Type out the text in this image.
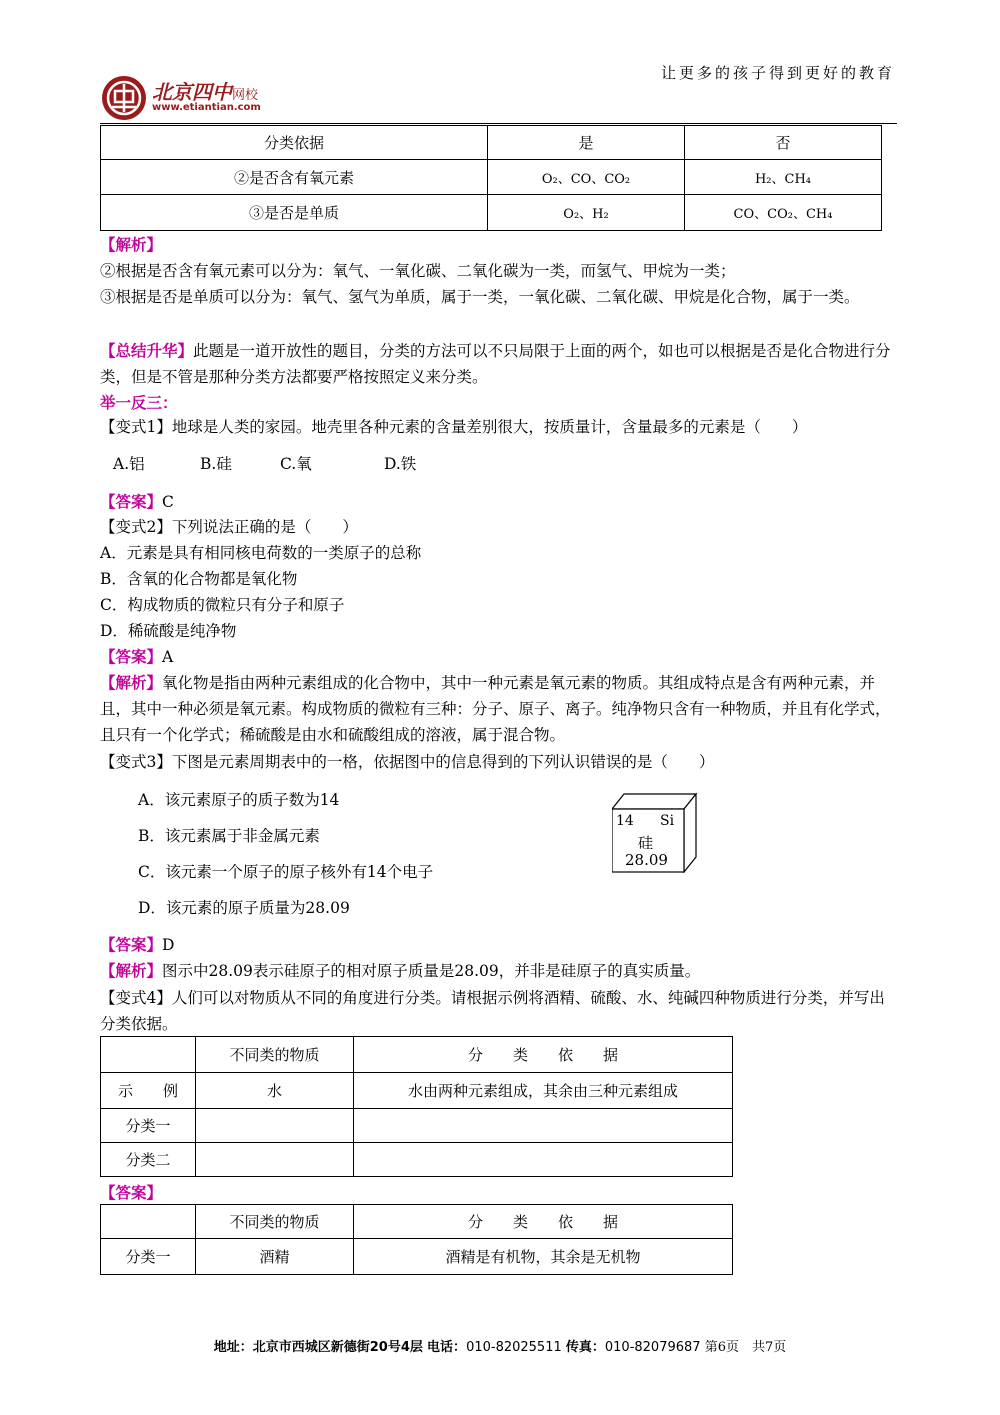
让更多的孩子得到更好的教育
北京四中网校
www.etiantian.com
分类依据	是	否
②是否含有氧元素	O₂、CO、CO₂	H₂、CH₄
③是否是单质	O₂、H₂	CO、CO₂、CH₄
【解析】
②根据是否含有氧元素可以分为：氧气、一氧化碳、二氧化碳为一类，而氢气、甲烷为一类；
③根据是否是单质可以分为：氧气、氢气为单质，属于一类，一氧化碳、二氧化碳、甲烷是化合物，属于一类。
【总结升华】此题是一道开放性的题目，分类的方法可以不只局限于上面的两个，如也可以根据是否是化合物进行分类，但是不管是那种分类方法都要严格按照定义来分类。
举一反三：
【变式1】地球是人类的家园。地壳里各种元素的含量差别很大，按质量计，含量最多的元素是（　　）
A.铝	B.硅	C.氧	D.铁
【答案】C
【变式2】下列说法正确的是（　　）
A．元素是具有相同核电荷数的一类原子的总称
B．含氧的化合物都是氧化物
C．构成物质的微粒只有分子和原子
D．稀硫酸是纯净物
【答案】A
【解析】氧化物是指由两种元素组成的化合物中，其中一种元素是氧元素的物质。其组成特点是含有两种元素，并且，其中一种必须是氧元素。构成物质的微粒有三种：分子、原子、离子。纯净物只含有一种物质，并且有化学式，且只有一个化学式；稀硫酸是由水和硫酸组成的溶液，属于混合物。
【变式3】下图是元素周期表中的一格，依据图中的信息得到的下列认识错误的是（　　）
A．该元素原子的质子数为14
B．该元素属于非金属元素
C．该元素一个原子的原子核外有14个电子
D．该元素的原子质量为28.09
14 Si
硅
28.09
【答案】D
【解析】图示中28.09表示硅原子的相对原子质量是28.09，并非是硅原子的真实质量。
【变式4】人们可以对物质从不同的角度进行分类。请根据示例将酒精、硫酸、水、纯碱四种物质进行分类，并写出分类依据。
	不同类的物质	分　　类　　依　　据
示　　例	水	水由两种元素组成，其余由三种元素组成
分类一		
分类二		
【答案】
	不同类的物质	分　　类　　依　　据
分类一	酒精	酒精是有机物，其余是无机物
地址：北京市西城区新德街20号4层 电话：010-82025511 传真：010-82079687 第6页　共7页
